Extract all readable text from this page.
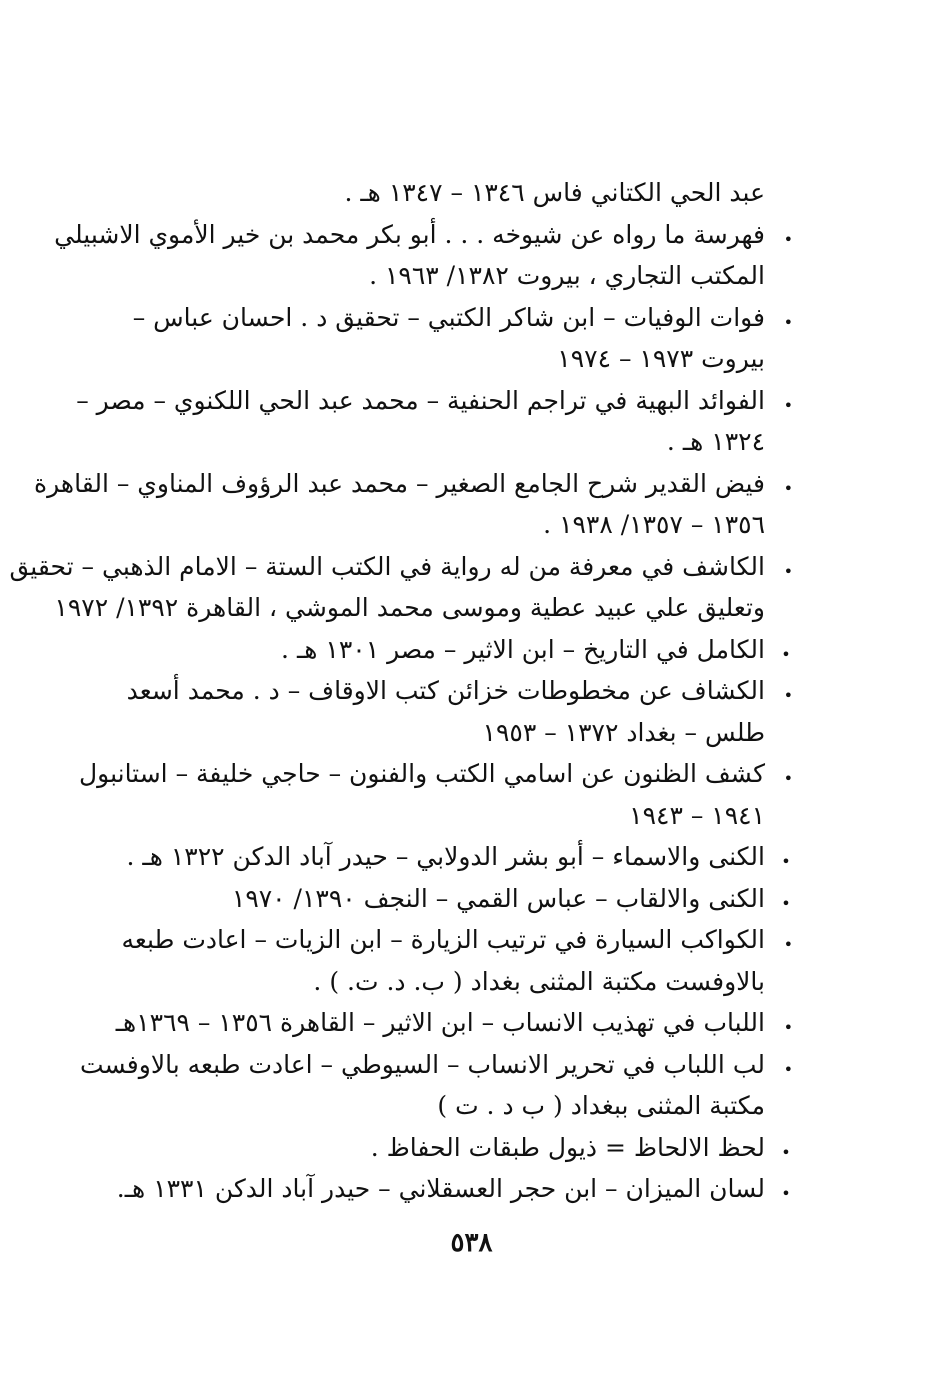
عبد الحي الكتاني فاس ١٣٤٦ – ١٣٤٧ هـ .
فهرسة ما رواه عن شيوخه . . . أبو بكر محمد بن خير الأموي الاشبيلي •
المكتب التجاري ، بيروت ١٣٨٢/ ١٩٦٣ .
فوات الوفيات – ابن شاكر الكتبي – تحقيق د . احسان عباس – •
بيروت ١٩٧٣ – ١٩٧٤
الفوائد البهية في تراجم الحنفية – محمد عبد الحي اللكنوي – مصر – •
١٣٢٤ هـ .
فيض القدير شرح الجامع الصغير – محمد عبد الرؤوف المناوي – القاهرة •
١٣٥٦ – ١٣٥٧/ ١٩٣٨ .
الكاشف في معرفة من له رواية في الكتب الستة – الامام الذهبي – تحقيق •
وتعليق علي عبيد عطية وموسى محمد الموشي ، القاهرة ١٣٩٢/ ١٩٧٢
الكامل في التاريخ – ابن الاثير – مصر ١٣٠١ هـ . •
الكشاف عن مخطوطات خزائن كتب الاوقاف – د . محمد أسعد •
طلس – بغداد ١٣٧٢ – ١٩٥٣
كشف الظنون عن اسامي الكتب والفنون – حاجي خليفة – استانبول •
١٩٤١ – ١٩٤٣
الكنى والاسماء – أبو بشر الدولابي – حيدر آباد الدكن ١٣٢٢ هـ . •
الكنى والالقاب – عباس القمي – النجف ١٣٩٠/ ١٩٧٠ •
الكواكب السيارة في ترتيب الزيارة – ابن الزيات – اعادت طبعه •
بالاوفست مكتبة المثنى بغداد ( ب. د. ت. ) .
اللباب في تهذيب الانساب – ابن الاثير – القاهرة ١٣٥٦ – ١٣٦٩هـ •
لب اللباب في تحرير الانساب – السيوطي – اعادت طبعه بالاوفست •
مكتبة المثنى ببغداد ( ب د . ت )
لحظ الالحاظ = ذيول طبقات الحفاظ . •
لسان الميزان – ابن حجر العسقلاني – حيدر آباد الدكن ١٣٣١ هـ. •
٥٣٨
